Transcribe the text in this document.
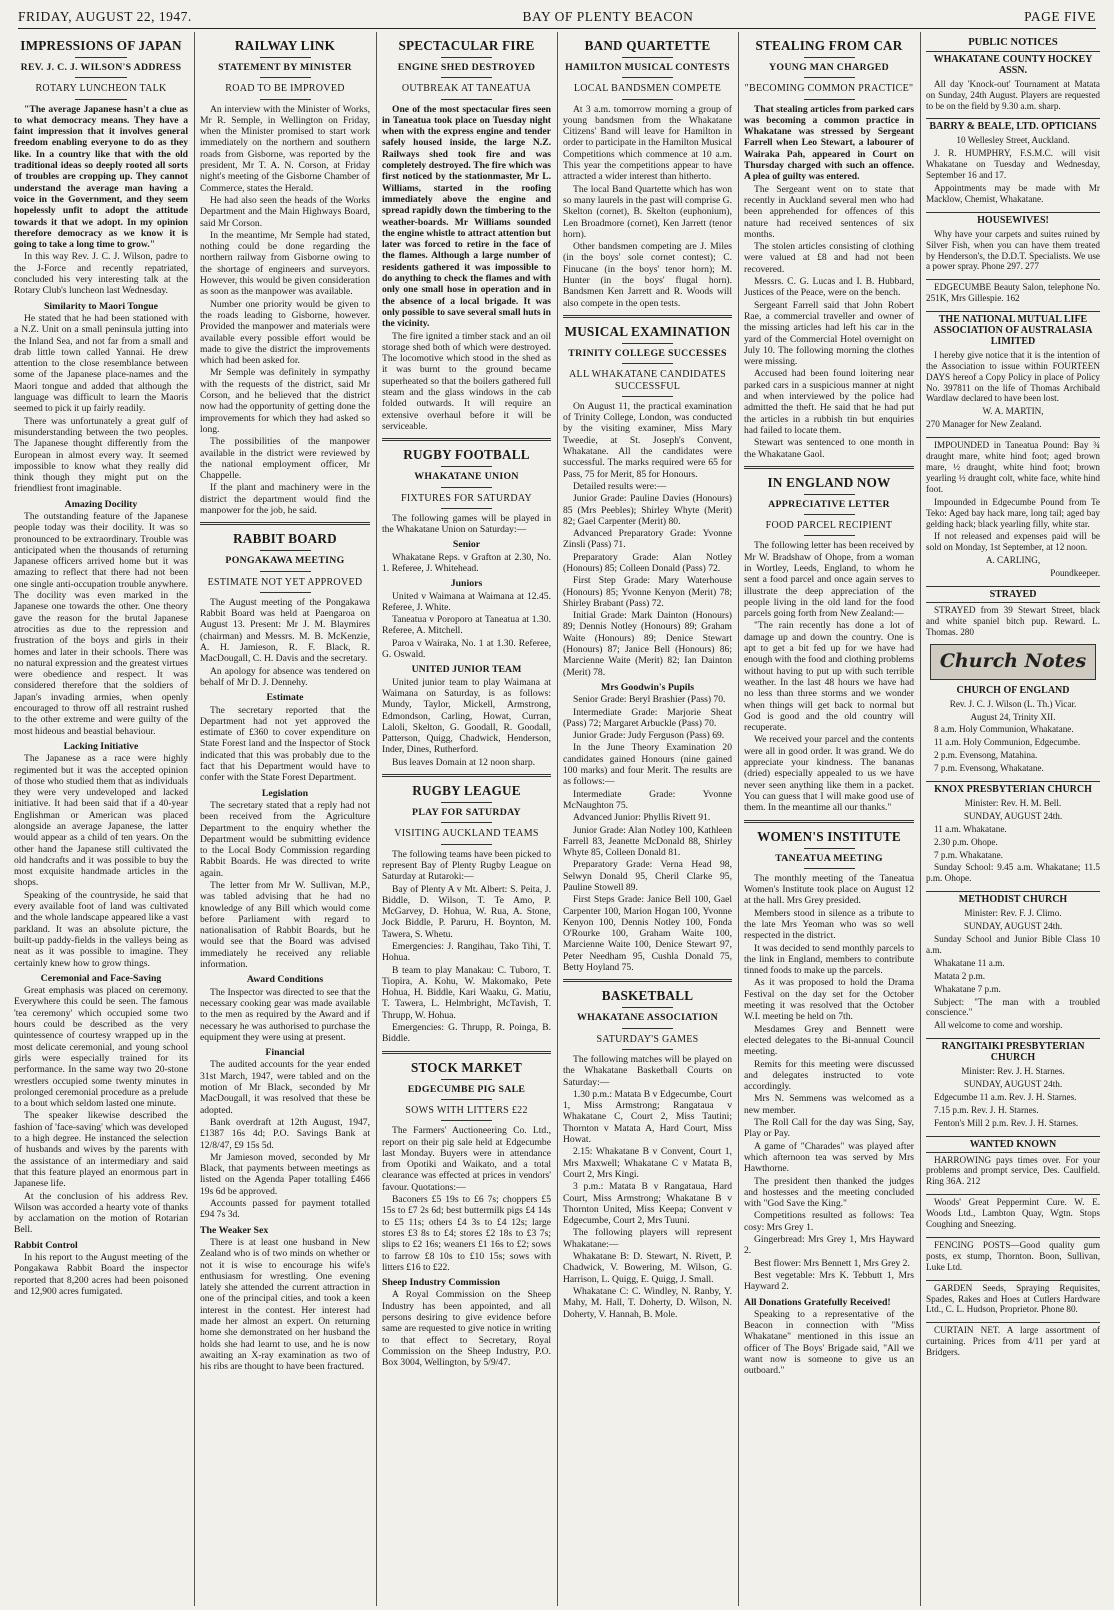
FRIDAY, AUGUST 22, 1947.	BAY OF PLENTY BEACON	PAGE FIVE
IMPRESSIONS OF JAPAN
REV. J. C. J. WILSON'S ADDRESS
ROTARY LUNCHEON TALK

"The average Japanese hasn't a clue as to what democracy means. They have a faint impression that it involves general freedom enabling everyone to do as they like. In a country like that with the old traditional ideas so deeply rooted all sorts of troubles are cropping up. They cannot understand the average man having a voice in the Government, and they seem hopelessly unfit to adopt the attitude towards it that we adopt. In my opinion therefore democracy as we know it is going to take a long time to grow."

In this way Rev. J. C. J. Wilson, padre to the J-Force and recently repatriated, concluded his very interesting talk at the Rotary Club's luncheon last Wednesday.

Similarity to Maori Tongue

He stated that he had been stationed with a N.Z. Unit on a small peninsula jutting into the Inland Sea, and not far from a small and drab little town called Yannai. He drew attention to the close resemblance between some of the Japanese place-names and the Maori tongue and added that although the language was difficult to learn the Maoris seemed to pick it up fairly readily.

There was unfortunately a great gulf of misunderstanding between the two peoples. The Japanese thought differently from the European in almost every way. It seemed impossible to know what they really did think though they might put on the friendliest front imaginable.

Amazing Docility

The outstanding feature of the Japanese people today was their docility. It was so pronounced to be extraordinary. Trouble was anticipated when the thousands of returning Japanese officers arrived home but it was amazing to reflect that there had not been one single anti-occupation trouble anywhere. The docility was even marked in the Japanese one towards the other. One theory gave the reason for the brutal Japanese atrocities as due to the repression and frustration of the boys and girls in their homes and later in their schools. There was no natural expression and the greatest virtues were obedience and respect. It was considered therefore that the soldiers of Japan's invading armies, when openly encouraged to throw off all restraint rushed to the other extreme and were guilty of the most hideous and beastial behaviour.

Lacking Initiative

The Japanese as a race were highly regimented but it was the accepted opinion of those who studied them that as individuals they were very undeveloped and lacked initiative. It had been said that if a 40-year Englishman or American was placed alongside an average Japanese, the latter would appear as a child of ten years. On the other hand the Japanese still cultivated the old handcrafts and it was possible to buy the most exquisite handmade articles in the shops.

Speaking of the countryside, he said that every available foot of land was cultivated and the whole landscape appeared like a vast parkland. It was an absolute picture, the built-up paddy-fields in the valleys being as neat as it was possible to imagine. They certainly knew how to grow things.

Ceremonial and Face-Saving

Great emphasis was placed on ceremony. Everywhere this could be seen. The famous 'tea ceremony' which occupied some two hours could be described as the very quintessence of courtesy wrapped up in the most delicate ceremonial, and young school girls were especially trained for its performance. In the same way two 20-stone wrestlers occupied some twenty minutes in prolonged ceremonial procedure as a prelude to a bout which seldom lasted one minute.

The speaker likewise described the fashion of 'face-saving' which was developed to a high degree. He instanced the selection of husbands and wives by the parents with the assistance of an intermediary and said that this feature played an enormous part in Japanese life.

At the conclusion of his address Rev. Wilson was accorded a hearty vote of thanks by acclamation on the motion of Rotarian Bell.

Rabbit Control

In his report to the August meeting of the Pongakawa Rabbit Board the inspector reported that 8,200 acres had been poisoned and 12,900 acres fumigated.

RAILWAY LINK
STATEMENT BY MINISTER
ROAD TO BE IMPROVED

An interview with the Minister of Works, Mr R. Semple, in Wellington on Friday, when the Minister promised to start work immediately on the northern and southern roads from Gisborne, was reported by the president, Mr T. A. N. Corson, at Friday night's meeting of the Gisborne Chamber of Commerce, states the Herald.

He had also seen the heads of the Works Department and the Main Highways Board, said Mr Corson.

In the meantime, Mr Semple had stated, nothing could be done regarding the northern railway from Gisborne owing to the shortage of engineers and surveyors. However, this would be given consideration as soon as the manpower was available.

Number one priority would be given to the roads leading to Gisborne, however. Provided the manpower and materials were available every possible effort would be made to give the district the improvements which had been asked for.

Mr Semple was definitely in sympathy with the requests of the district, said Mr Corson, and he believed that the district now had the opportunity of getting done the improvements for which they had asked so long.

The possibilities of the manpower available in the district were reviewed by the national employment officer, Mr Chappelle.

If the plant and machinery were in the district the department would find the manpower for the job, he said.

RABBIT BOARD
PONGAKAWA MEETING
ESTIMATE NOT YET APPROVED

The August meeting of the Pongakawa Rabbit Board was held at Paengaroa on August 13. Present: Mr J. M. Blaymires (chairman) and Messrs. M. B. McKenzie, A. H. Jamieson, R. F. Black, R. MacDougall, C. H. Davis and the secretary.

An apology for absence was tendered on behalf of Mr D. J. Dennehy.

Estimate

The secretary reported that the Department had not yet approved the estimate of £360 to cover expenditure on State Forest land and the Inspector of Stock indicated that this was probably due to the fact that his Department would have to confer with the State Forest Department.

Legislation

The secretary stated that a reply had not been received from the Agriculture Department to the enquiry whether the Department would be submitting evidence to the Local Body Commission regarding Rabbit Boards. He was directed to write again.

The letter from Mr W. Sullivan, M.P., was tabled advising that he had no knowledge of any Bill which would come before Parliament with regard to nationalisation of Rabbit Boards, but he would see that the Board was advised immediately he received any reliable information.

Award Conditions

The Inspector was directed to see that the necessary cooking gear was made available to the men as required by the Award and if necessary he was authorised to purchase the equipment they were using at present.

Financial

The audited accounts for the year ended 31st March, 1947, were tabled and on the motion of Mr Black, seconded by Mr MacDougall, it was resolved that these be adopted.

Bank overdraft at 12th August, 1947, £1387 16s 4d; P.O. Savings Bank at 12/8/47, £9 15s 5d.

Mr Jamieson moved, seconded by Mr Black, that payments between meetings as listed on the Agenda Paper totalling £466 19s 6d be approved.

Accounts passed for payment totalled £94 7s 3d.

The Weaker Sex

There is at least one husband in New Zealand who is of two minds on whether or not it is wise to encourage his wife's enthusiasm for wrestling. One evening lately she attended the current attraction in one of the principal cities, and took a keen interest in the contest. Her interest had made her almost an expert. On returning home she demonstrated on her husband the holds she had learnt to use, and he is now awaiting an X-ray examination as two of his ribs are thought to have been fractured.

SPECTACULAR FIRE
ENGINE SHED DESTROYED
OUTBREAK AT TANEATUA

One of the most spectacular fires seen in Taneatua took place on Tuesday night when with the express engine and tender safely housed inside, the large N.Z. Railways shed took fire and was completely destroyed. The fire which was first noticed by the stationmaster, Mr L. Williams, started in the roofing immediately above the engine and spread rapidly down the timbering to the weather-boards. Mr Williams sounded the engine whistle to attract attention but later was forced to retire in the face of the flames. Although a large number of residents gathered it was impossible to do anything to check the flames and with only one small hose in operation and in the absence of a local brigade. It was only possible to save several small huts in the vicinity.

The fire ignited a timber stack and an oil storage shed both of which were destroyed. The locomotive which stood in the shed as it was burnt to the ground became superheated so that the boilers gathered full steam and the glass windows in the cab folded outwards. It will require an extensive overhaul before it will be serviceable.

RUGBY FOOTBALL
WHAKATANE UNION
FIXTURES FOR SATURDAY

The following games will be played in the Whakatane Union on Saturday:—

Senior

Whakatane Reps. v Grafton at 2.30, No. 1. Referee, J. Whitehead.

Juniors

United v Waimana at Waimana at 12.45. Referee, J. White.

Taneatua v Poroporo at Taneatua at 1.30. Referee, A. Mitchell.

Paroa v Wairaka, No. 1 at 1.30. Referee, G. Oswald.

UNITED JUNIOR TEAM

United junior team to play Waimana at Waimana on Saturday, is as follows: Mundy, Taylor, Mickell, Armstrong, Edmondson, Carling, Howat, Curran, Laloli, Skelton, G. Goodall, R. Goodall, Patterson, Quigg, Chadwick, Henderson, Inder, Dines, Rutherford.

Bus leaves Domain at 12 noon sharp.

RUGBY LEAGUE
PLAY FOR SATURDAY
VISITING AUCKLAND TEAMS

The following teams have been picked to represent Bay of Plenty Rugby League on Saturday at Rutaroki:—

Bay of Plenty A v Mt. Albert: S. Peita, J. Biddle, D. Wilson, T. Te Amo, P. McGarvey, D. Hohua, W. Rua, A. Stone, Jock Biddle, P. Paruru, H. Boynton, M. Tawera, S. Whetu.

Emergencies: J. Rangihau, Tako Tihi, T. Hohua.

B team to play Manakau: C. Tuboro, T. Tiopira, A. Kohu, W. Makomako, Pete Hohua, H. Biddle, Kari Waaku, G. Matiu, T. Tawera, L. Helmbright, McTavish, T. Thrupp, W. Hohua.

Emergencies: G. Thrupp, R. Poinga, B. Biddle.

STOCK MARKET
EDGECUMBE PIG SALE
SOWS WITH LITTERS £22

The Farmers' Auctioneering Co. Ltd., report on their pig sale held at Edgecumbe last Monday. Buyers were in attendance from Opotiki and Waikato, and a total clearance was effected at prices in vendors' favour. Quotations:—

Baconers £5 19s to £6 7s; choppers £5 15s to £7 2s 6d; best buttermilk pigs £4 14s to £5 11s; others £4 3s to £4 12s; large stores £3 8s to £4; stores £2 18s to £3 7s; slips to £2 16s; weaners £1 16s to £2; sows to farrow £8 10s to £10 15s; sows with litters £16 to £22.

Sheep Industry Commission

A Royal Commission on the Sheep Industry has been appointed, and all persons desiring to give evidence before same are requested to give notice in writing to that effect to Secretary, Royal Commission on the Sheep Industry, P.O. Box 3004, Wellington, by 5/9/47.

BAND QUARTETTE
HAMILTON MUSICAL CONTESTS
LOCAL BANDSMEN COMPETE

At 3 a.m. tomorrow morning a group of young bandsmen from the Whakatane Citizens' Band will leave for Hamilton in order to participate in the Hamilton Musical Competitions which commence at 10 a.m. This year the competitions appear to have attracted a wider interest than hitherto.

The local Band Quartette which has won so many laurels in the past will comprise G. Skelton (cornet), B. Skelton (euphonium), Len Broadmore (cornet), Ken Jarrett (tenor horn).

Other bandsmen competing are J. Miles (in the boys' sole cornet contest); C. Finucane (in the boys' tenor horn); M. Hunter (in the boys' flugal horn). Bandsmen Ken Jarrett and R. Woods will also compete in the open tests.

MUSICAL EXAMINATION
TRINITY COLLEGE SUCCESSES
ALL WHAKATANE CANDIDATES SUCCESSFUL

On August 11, the practical examination of Trinity College, London, was conducted by the visiting examiner, Miss Mary Tweedie, at St. Joseph's Convent, Whakatane. All the candidates were successful. The marks required were 65 for Pass, 75 for Merit, 85 for Honours.

Detailed results were:—

Junior Grade: Pauline Davies (Honours) 85 (Mrs Peebles); Shirley Whyte (Merit) 82; Gael Carpenter (Merit) 80.

Advanced Preparatory Grade: Yvonne Zinsli (Pass) 71.

Preparatory Grade: Alan Notley (Honours) 85; Colleen Donald (Pass) 72.

First Step Grade: Mary Waterhouse (Honours) 85; Yvonne Kenyon (Merit) 78; Shirley Brabant (Pass) 72.

Initial Grade: Mark Dainton (Honours) 89; Dennis Notley (Honours) 89; Graham Waite (Honours) 89; Denice Stewart (Honours) 87; Janice Bell (Honours) 86; Marcienne Waite (Merit) 82; Ian Dainton (Merit) 78.

Mrs Goodwin's Pupils

Senior Grade: Beryl Brashier (Pass) 70.

Intermediate Grade: Marjorie Sheat (Pass) 72; Margaret Arbuckle (Pass) 70.

Junior Grade: Judy Ferguson (Pass) 69.

In the June Theory Examination 20 candidates gained Honours (nine gained 100 marks) and four Merit. The results are as follows:—

Intermediate Grade: Yvonne McNaughton 75.

Advanced Junior: Phyllis Rivett 91.

Junior Grade: Alan Notley 100, Kathleen Farrell 83, Jeanette McDonald 88, Shirley Whyte 85, Colleen Donald 81.

Preparatory Grade: Verna Head 98, Selwyn Donald 95, Cheril Clarke 95, Pauline Stowell 89.

First Steps Grade: Janice Bell 100, Gael Carpenter 100, Marion Hogan 100, Yvonne Kenyon 100, Dennis Notley 100, Fonda O'Rourke 100, Graham Waite 100, Marcienne Waite 100, Denice Stewart 97, Peter Needham 95, Cushla Donald 75, Betty Hoyland 75.

BASKETBALL
WHAKATANE ASSOCIATION
SATURDAY'S GAMES

The following matches will be played on the Whakatane Basketball Courts on Saturday:—

1.30 p.m.: Matata B v Edgecumbe, Court 1, Miss Armstrong; Rangataua v Whakatane C, Court 2, Miss Tautini; Thornton v Matata A, Hard Court, Miss Howat.

2.15: Whakatane B v Convent, Court 1, Mrs Maxwell; Whakatane C v Matata B, Court 2, Mrs Kingi.

3 p.m.: Matata B v Rangataua, Hard Court, Miss Armstrong; Whakatane B v Thornton United, Miss Keepa; Convent v Edgecumbe, Court 2, Mrs Tuuni.

The following players will represent Whakatane:—

Whakatane B: D. Stewart, N. Rivett, P. Chadwick, V. Bowering, M. Wilson, G. Harrison, L. Quigg, E. Quigg, J. Small.

Whakatane C: C. Windley, N. Ranby, Y. Mahy, M. Hall, T. Doherty, D. Wilson, N. Doherty, V. Hannah, B. Mole.

STEALING FROM CAR
YOUNG MAN CHARGED
"BECOMING COMMON PRACTICE"

That stealing articles from parked cars was becoming a common practice in Whakatane was stressed by Sergeant Farrell when Leo Stewart, a labourer of Wairaka Pah, appeared in Court on Thursday charged with such an offence. A plea of guilty was entered.

The Sergeant went on to state that recently in Auckland several men who had been apprehended for offences of this nature had received sentences of six months.

The stolen articles consisting of clothing were valued at £8 and had not been recovered.

Messrs. C. G. Lucas and I. B. Hubbard, Justices of the Peace, were on the bench.

Sergeant Farrell said that John Robert Rae, a commercial traveller and owner of the missing articles had left his car in the yard of the Commercial Hotel overnight on July 10. The following morning the clothes were missing.

Accused had been found loitering near parked cars in a suspicious manner at night and when interviewed by the police had admitted the theft. He said that he had put the articles in a rubbish tin but enquiries had failed to locate them.

Stewart was sentenced to one month in the Whakatane Gaol.

IN ENGLAND NOW
APPRECIATIVE LETTER
FOOD PARCEL RECIPIENT

The following letter has been received by Mr W. Bradshaw of Ohope, from a woman in Wortley, Leeds, England, to whom he sent a food parcel and once again serves to illustrate the deep appreciation of the people living in the old land for the food parcels going forth from New Zealand:—

"The rain recently has done a lot of damage up and down the country. One is apt to get a bit fed up for we have had enough with the food and clothing problems without having to put up with such terrible weather. In the last 48 hours we have had no less than three storms and we wonder when things will get back to normal but God is good and the old country will recuperate.

We received your parcel and the contents were all in good order. It was grand. We do appreciate your kindness. The bananas (dried) especially appealed to us we have never seen anything like them in a packet. You can guess that I will make good use of them. In the meantime all our thanks."

WOMEN'S INSTITUTE
TANEATUA MEETING

The monthly meeting of the Taneatua Women's Institute took place on August 12 at the hall. Mrs Grey presided.

Members stood in silence as a tribute to the late Mrs Yeoman who was so well respected in the district.

It was decided to send monthly parcels to the link in England, members to contribute tinned foods to make up the parcels.

As it was proposed to hold the Drama Festival on the day set for the October meeting it was resolved that the October W.I. meeting be held on 7th.

Mesdames Grey and Bennett were elected delegates to the Bi-annual Council meeting.

Remits for this meeting were discussed and delegates instructed to vote accordingly.

Mrs N. Semmens was welcomed as a new member.

The Roll Call for the day was Sing, Say, Play or Pay.

A game of "Charades" was played after which afternoon tea was served by Mrs Hawthorne.

The president then thanked the judges and hostesses and the meeting concluded with "God Save the King."

Competitions resulted as follows: Tea cosy: Mrs Grey 1.

Gingerbread: Mrs Grey 1, Mrs Hayward 2.

Best flower: Mrs Bennett 1, Mrs Grey 2.

Best vegetable: Mrs K. Tebbutt 1, Mrs Hayward 2.

All Donations Gratefully Received!

Speaking to a representative of the Beacon in connection with "Miss Whakatane" mentioned in this issue an officer of The Boys' Brigade said, "All we want now is someone to give us an outboard."

PUBLIC NOTICES
WHAKATANE COUNTY HOCKEY ASSN.

All day 'Knock-out' Tournament at Matata on Sunday, 24th August. Players are requested to be on the field by 9.30 a.m. sharp.

BARRY & BEALE, LTD. OPTICIANS
10 Wellesley Street, Auckland.

J. R. HUMPHRY, F.S.M.C. will visit Whakatane on Tuesday and Wednesday, September 16 and 17.

Appointments may be made with Mr Macklow, Chemist, Whakatane.

HOUSEWIVES!

Why have your carpets and suites ruined by Silver Fish, when you can have them treated by Henderson's, the D.D.T. Specialists. We use a power spray. Phone 297. 277

EDGECUMBE Beauty Salon, telephone No. 251K, Mrs Gillespie. 162

THE NATIONAL MUTUAL LIFE ASSOCIATION OF AUSTRALASIA LIMITED

I hereby give notice that it is the intention of the Association to issue within FOURTEEN DAYS hereof a Copy Policy in place of Policy No. 397811 on the life of Thomas Archibald Wardlaw declared to have been lost.

W. A. MARTIN,
270 Manager for New Zealand.

IMPOUNDED in Taneatua Pound: Bay ¾ draught mare, white hind foot; aged brown mare, ½ draught, white hind foot; brown yearling ½ draught colt, white face, white hind foot.

Impounded in Edgecumbe Pound from Te Teko: Aged bay hack mare, long tail; aged bay gelding hack; black yearling filly, white star.

If not released and expenses paid will be sold on Monday, 1st September, at 12 noon.

A. CARLING,
Poundkeeper.
STRAYED

STRAYED from 39 Stewart Street, black and white spaniel bitch pup. Reward. L. Thomas. 280

Church Notes
CHURCH OF ENGLAND
Rev. J. C. J. Wilson (L. Th.) Vicar.
August 24, Trinity XII.

8 a.m. Holy Communion, Whakatane.

11 a.m. Holy Communion, Edgecumbe.

2 p.m. Evensong, Matahina.

7 p.m. Evensong, Whakatane.

KNOX PRESBYTERIAN CHURCH
Minister: Rev. H. M. Bell.
SUNDAY, AUGUST 24th.

11 a.m. Whakatane.

2.30 p.m. Ohope.

7 p.m. Whakatane.

Sunday School: 9.45 a.m. Whakatane; 11.5 p.m. Ohope.

METHODIST CHURCH
Minister: Rev. F. J. Climo.
SUNDAY, AUGUST 24th.

Sunday School and Junior Bible Class 10 a.m.

Whakatane 11 a.m.

Matata 2 p.m.

Whakatane 7 p.m.

Subject: "The man with a troubled conscience."

All welcome to come and worship.

RANGITAIKI PRESBYTERIAN CHURCH
Minister: Rev. J. H. Starnes.
SUNDAY, AUGUST 24th.

Edgecumbe 11 a.m. Rev. J. H. Starnes.

7.15 p.m. Rev. J. H. Starnes.

Fenton's Mill 2 p.m. Rev. J. H. Starnes.

WANTED KNOWN

HARROWING pays times over. For your problems and prompt service, Des. Caulfield. Ring 36A. 212

Woods' Great Peppermint Cure. W. E. Woods Ltd., Lambton Quay, Wgtn. Stops Coughing and Sneezing.

FENCING POSTS—Good quality gum posts, ex stump, Thornton. Boon, Sullivan, Luke Ltd.

GARDEN Seeds, Spraying Requisites, Spades, Rakes and Hoes at Cutlers Hardware Ltd., C. L. Hudson, Proprietor. Phone 80.

CURTAIN NET. A large assortment of curtaining. Prices from 4/11 per yard at Bridgers.
